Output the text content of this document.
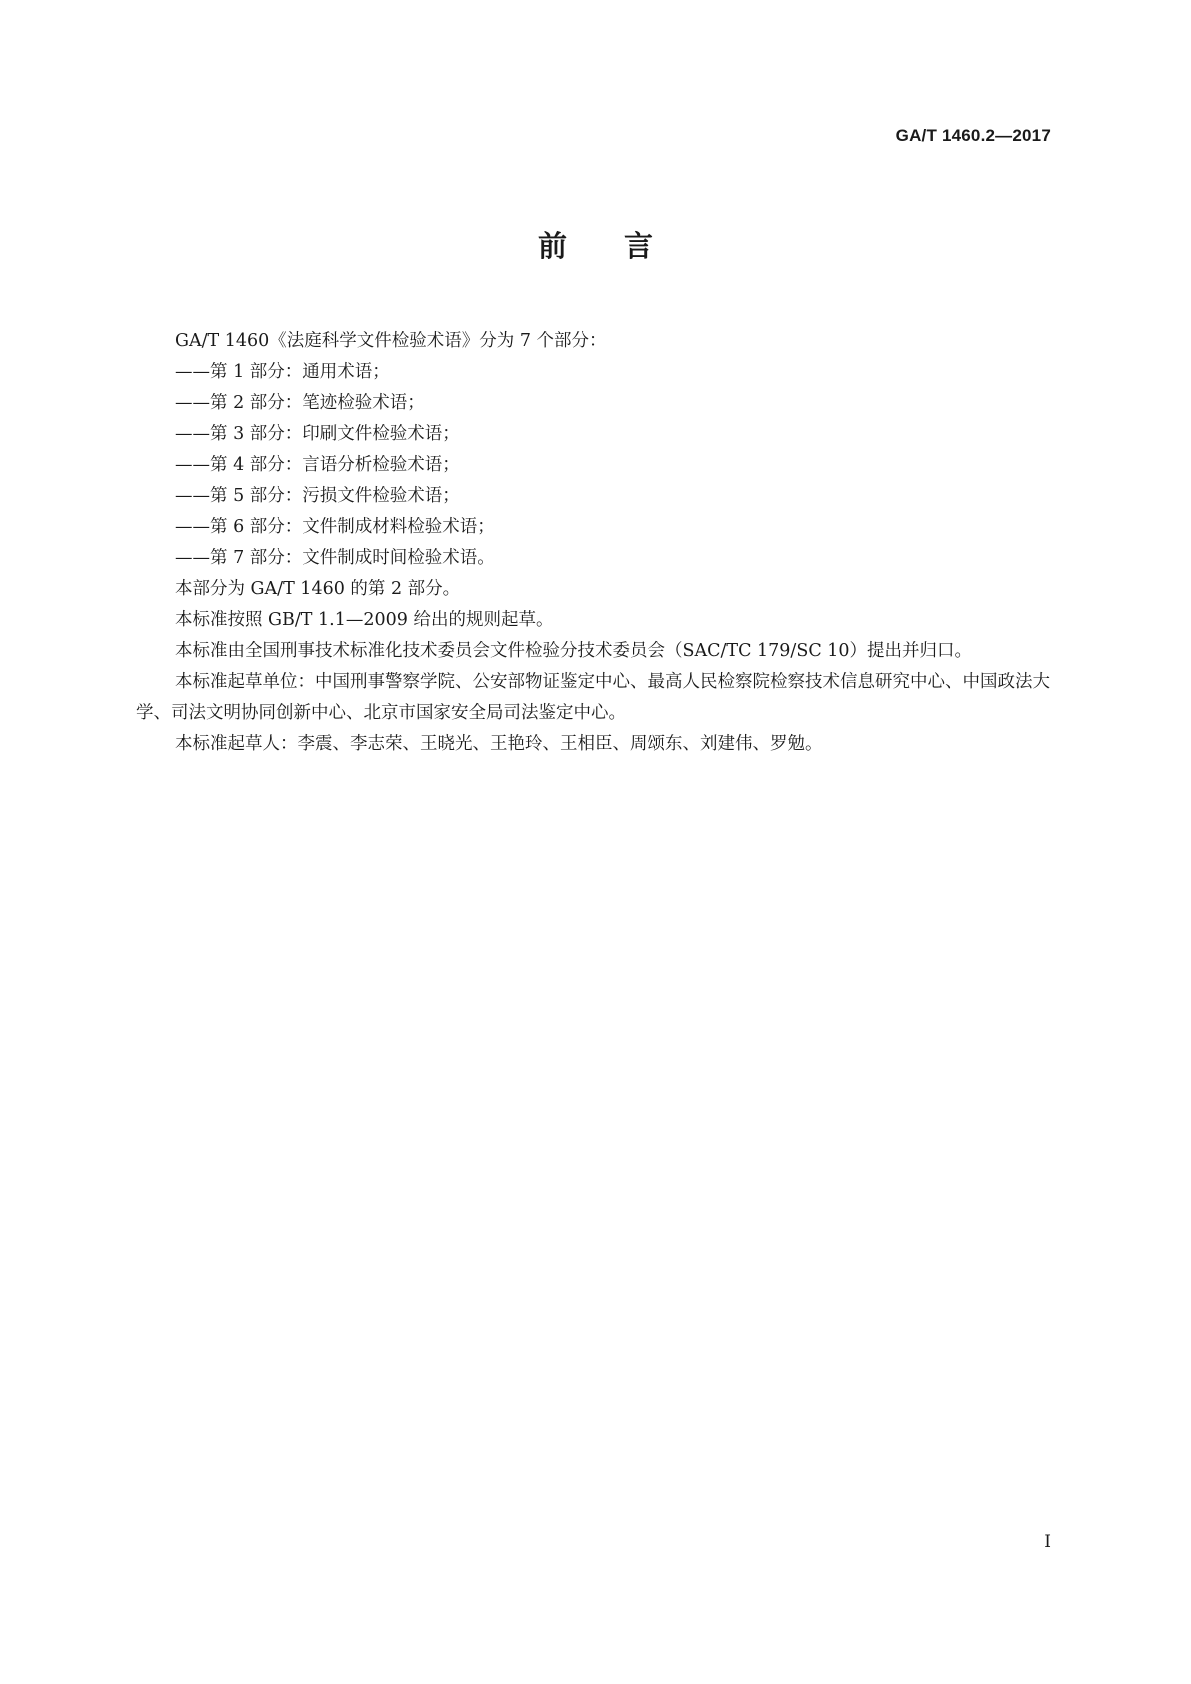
GA/T 1460.2—2017
前言

GA/T 1460《法庭科学文件检验术语》分为 7 个部分：

——第 1 部分：通用术语；
——第 2 部分：笔迹检验术语；
——第 3 部分：印刷文件检验术语；
——第 4 部分：言语分析检验术语；
——第 5 部分：污损文件检验术语；
——第 6 部分：文件制成材料检验术语；
——第 7 部分：文件制成时间检验术语。

本部分为 GA/T 1460 的第 2 部分。

本标准按照 GB/T 1.1—2009 给出的规则起草。

本标准由全国刑事技术标准化技术委员会文件检验分技术委员会（SAC/TC 179/SC 10）提出并归口。

本标准起草单位：中国刑事警察学院、公安部物证鉴定中心、最高人民检察院检察技术信息研究中心、中国政法大学、司法文明协同创新中心、北京市国家安全局司法鉴定中心。

本标准起草人：李震、李志荣、王晓光、王艳玲、王相臣、周颂东、刘建伟、罗勉。

I
